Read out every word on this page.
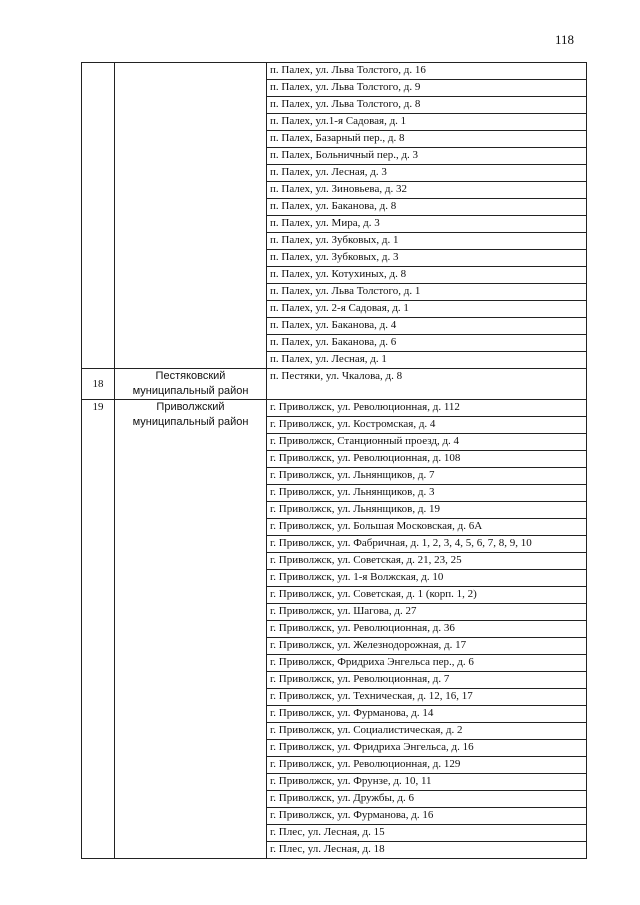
118
		п. Палех, ул. Льва Толстого, д. 16
		п. Палех, ул. Льва Толстого, д. 9
		п. Палех, ул. Льва Толстого, д. 8
		п. Палех, ул.1-я Садовая, д. 1
		п. Палех, Базарный пер., д. 8
		п. Палех, Больничный пер., д. 3
		п. Палех, ул. Лесная, д. 3
		п. Палех, ул. Зиновьева, д. 32
		п. Палех, ул. Баканова, д. 8
		п. Палех, ул. Мира, д. 3
		п. Палех, ул. Зубковых, д. 1
		п. Палех, ул. Зубковых, д. 3
		п. Палех, ул. Котухиных, д. 8
		п. Палех, ул. Льва Толстого, д. 1
		п. Палех, ул. 2-я Садовая, д. 1
		п. Палех, ул. Баканова, д. 4
		п. Палех, ул. Баканова, д. 6
		п. Палех, ул. Лесная, д. 1
18	Пестяковский муниципальный район	п. Пестяки, ул. Чкалова, д. 8
19	Приволжский муниципальный район	г. Приволжск, ул. Революционная, д. 112
		г. Приволжск, ул. Костромская, д. 4
		г. Приволжск, Станционный проезд, д. 4
		г. Приволжск, ул. Революционная, д. 108
		г. Приволжск, ул. Льнянщиков, д. 7
		г. Приволжск, ул. Льнянщиков, д. 3
		г. Приволжск, ул. Льнянщиков, д. 19
		г. Приволжск, ул. Большая Московская, д. 6А
		г. Приволжск, ул. Фабричная, д. 1, 2, 3, 4, 5, 6, 7, 8, 9, 10
		г. Приволжск, ул. Советская, д. 21, 23, 25
		г. Приволжск, ул. 1-я Волжская, д. 10
		г. Приволжск, ул. Советская, д. 1 (корп. 1, 2)
		г. Приволжск, ул. Шагова, д. 27
		г. Приволжск, ул. Революционная, д. 36
		г. Приволжск, ул. Железнодорожная, д. 17
		г. Приволжск, Фридриха Энгельса пер., д. 6
		г. Приволжск, ул. Революционная, д. 7
		г. Приволжск, ул. Техническая, д. 12, 16, 17
		г. Приволжск, ул. Фурманова, д. 14
		г. Приволжск, ул. Социалистическая, д. 2
		г. Приволжск, ул. Фридриха Энгельса, д. 16
		г. Приволжск, ул. Революционная, д. 129
		г. Приволжск, ул. Фрунзе, д. 10, 11
		г. Приволжск, ул. Дружбы, д. 6
		г. Приволжск, ул. Фурманова, д. 16
		г. Плес, ул. Лесная, д. 15
		г. Плес, ул. Лесная, д. 18
